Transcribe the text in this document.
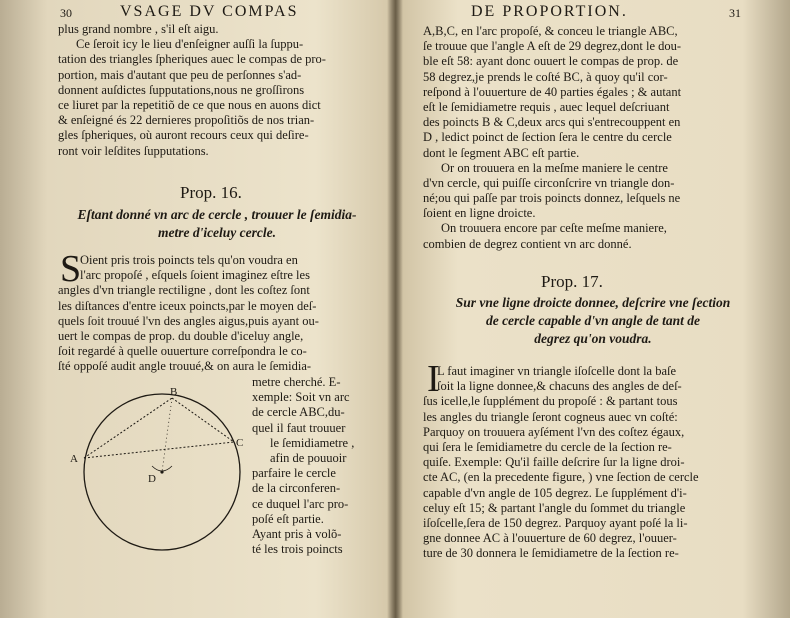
30	VSAGE DV COMPAS
plus grand nombre , s'il eſt aigu.
Ce ſeroit icy le lieu d'enſeigner auſſi la ſuppu-
tation des triangles ſpheriques auec le compas de pro-
portion, mais d'autant que peu de perſonnes s'ad-
donnent auſdictes ſupputations,nous ne groſſirons
ce liuret par la repetitiõ de ce que nous en auons dict
& enſeigné és 22 dernieres propoſitiõs de nos trian-
gles ſpheriques, où auront recours ceux qui deſire-
ront voir leſdites ſupputations.
Prop. 16.
Eſtant donné vn arc de cercle , trouuer le ſemidia-
metre d'iceluy cercle.
S
Oient pris trois poincts tels qu'on voudra en
l'arc propoſé , eſquels ſoient imaginez eſtre les
angles d'vn triangle rectiligne , dont les coſtez ſont
les diſtances d'entre iceux poincts,par le moyen deſ-
quels ſoit trouué l'vn des angles aigus,puis ayant ou-
uert le compas de prop. du double d'iceluy angle,
ſoit regardé à quelle ouuerture correſpondra le co-
ſté oppoſé audit angle trouué,& on aura le ſemidia-
metre cherché. E-
xemple: Soit vn arc
de cercle ABC,du-
quel il faut trouuer
le ſemidiametre ,
afin de pouuoir
parfaire le cercle
de la circonferen-
ce duquel l'arc pro-
poſé eſt partie.
Ayant pris à volõ-
té les trois poincts
A
B
C
D
DE PROPORTION.	31
A,B,C, en l'arc propoſé, & conceu le triangle ABC,
ſe trouue que l'angle A eſt de 29 degrez,dont le dou-
ble eſt 58: ayant donc ouuert le compas de prop. de
58 degrez,je prends le coſté BC, à quoy qu'il cor-
reſpond à l'ouuerture de 40 parties égales ; & autant
eſt le ſemidiametre requis , auec lequel deſcriuant
des poincts B & C,deux arcs qui s'entrecouppent en
D , ledict poinct de ſection ſera le centre du cercle
dont le ſegment ABC eſt partie.
Or on trouuera en la meſme maniere le centre
d'vn cercle, qui puiſſe circonſcrire vn triangle don-
né;ou qui paſſe par trois poincts donnez, leſquels ne
ſoient en ligne droicte.
On trouuera encore par ceſte meſme maniere,
combien de degrez contient vn arc donné.
Prop. 17.
Sur vne ligne droicte donnee, deſcrire vne ſection
de cercle capable d'vn angle de tant de
degrez qu'on voudra.
I
L faut imaginer vn triangle iſoſcelle dont la baſe
ſoit la ligne donnee,& chacuns des angles de deſ-
ſus icelle,le ſupplément du propoſé : & partant tous
les angles du triangle ſeront cogneus auec vn coſté:
Parquoy on trouuera ayſément l'vn des coſtez égaux,
qui ſera le ſemidiametre du cercle de la ſection re-
quiſe. Exemple: Qu'il faille deſcrire ſur la ligne droi-
cte AC, (en la precedente figure, ) vne ſection de cercle
capable d'vn angle de 105 degrez. Le ſupplément d'i-
celuy eſt 15; & partant l'angle du ſommet du triangle
iſoſcelle,ſera de 150 degrez. Parquoy ayant poſé la li-
gne donnee AC à l'ouuerture de 60 degrez, l'ouuer-
ture de 30 donnera le ſemidiametre de la ſection re-
